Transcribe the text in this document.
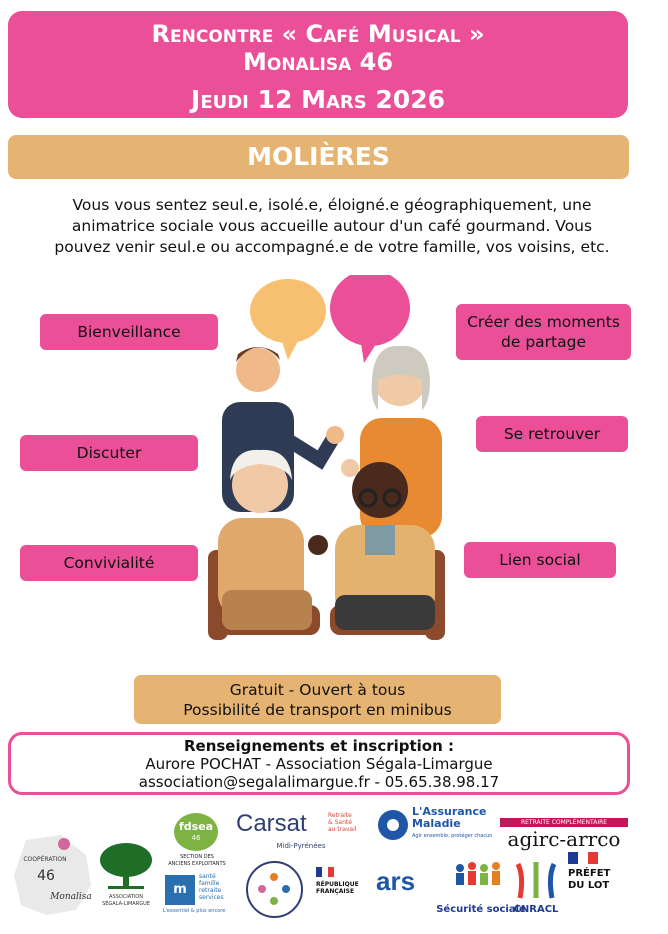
Rencontre « Café Musical »
Monalisa 46
Jeudi 12 Mars 2026
MOLIÈRES
Vous vous sentez seul.e, isolé.e, éloigné.e géographiquement, une
animatrice sociale vous accueille autour d'un café gourmand. Vous
pouvez venir seul.e ou accompagné.e de votre famille, vos voisins, etc.
Bienveillance
Discuter
Convivialité
Créer des moments
de partage
Se retrouver
Lien social
Gratuit - Ouvert à tous
Possibilité de transport en minibus
Renseignements et inscription :
Aurore POCHAT - Association Ségala-Limargue
association@segalalimargue.fr - 05.65.38.98.17
COOPÉRATION
46
Monalisa	ASSOCIATION
SÉGALA-LIMARGUE
fdsea
46
SECTION DES
ANCIENS EXPLOITANTS
m
santé
famille
retraite
services
L'essentiel & plus encore
Carsat	Retraite
& Santé
au travail
Midi-Pyrénées
RÉPUBLIQUE
FRANÇAISE
L'Assurance
Maladie
Agir ensemble, protéger chacun
ars
Sécurité sociale
CNRACL
RETRAITE COMPLÉMENTAIRE
agirc-arrco
PRÉFET
DU LOT
